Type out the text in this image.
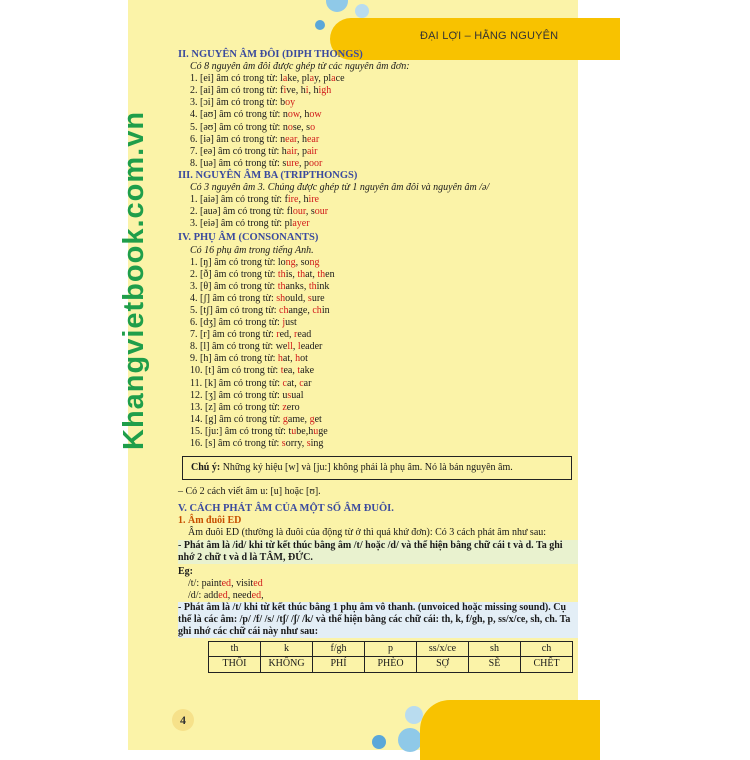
ĐẠI LỢI – HẰNG NGUYÊN
Khangvietbook.com.vn
4
II. NGUYÊN ÂM ĐÔI (DIPH THONGS)
Có 8 nguyên âm đôi được ghép từ các nguyên âm đơn:
1. [ei] âm có trong từ: lake, play, place
2. [ai] âm có trong từ: five, hi, high
3. [ɔi] âm có trong từ: boy
4. [aʊ] âm có trong từ: now, how
5. [əʊ] âm có trong từ: nose, so
6. [iə] âm có trong từ: near, hear
7. [eə] âm có trong từ: hair, pair
8. [uə] âm có trong từ: sure, poor
III. NGUYÊN ÂM BA (TRIPTHONGS)
Có 3 nguyên âm 3. Chúng được ghép từ 1 nguyên âm đôi và nguyên âm /ə/
1. [aiə] âm có trong từ: fire, hire
2. [auə] âm có trong từ: flour, sour
3. [eiə] âm có trong từ: player
IV. PHỤ ÂM (CONSONANTS)
Có 16 phụ âm trong tiếng Anh.
1. [ŋ] âm có trong từ: long, song
2. [ð] âm có trong từ: this, that, then
3. [θ] âm có trong từ: thanks, think
4. [ʃ] âm có trong từ: should, sure
5. [tʃ] âm có trong từ: change, chin
6. [dʒ] âm có trong từ: just
7. [r] âm có trong từ: red, read
8. [l] âm có trong từ: well, leader
9. [h] âm có trong từ: hat, hot
10. [t] âm có trong từ: tea, take
11. [k] âm có trong từ: cat, car
12. [ʒ] âm có trong từ: usual
13. [z] âm có trong từ: zero
14. [g] âm có trong từ: game, get
15. [ju:] âm có trong từ: tube,huge
16. [s] âm có trong từ: sorry, sing
Chú ý: Những ký hiệu [w] và [ju:] không phải là phụ âm. Nó là bán nguyên âm.
– Có 2 cách viết âm u: [u] hoặc [ʊ].
V. CÁCH PHÁT ÂM CỦA MỘT SỐ ÂM ĐUÔI.
1. Âm đuôi ED
Âm đuôi ED (thường là đuôi của động từ ở thì quá khứ đơn): Có 3 cách phát âm như sau:
- Phát âm là /id/ khi từ kết thúc bằng âm /t/ hoặc /d/ và thể hiện bằng chữ cái t và d. Ta ghi nhớ 2 chữ t và d là TÂM, ĐỨC.
Eg:
/t/: painted, visited
/d/: added, needed,
- Phát âm là /t/ khi từ kết thúc bằng 1 phụ âm vô thanh. (unvoiced hoặc missing sound). Cụ thể là các âm: /p/ /f/ /s/ /tʃ/ /ʃ/ /k/ và thể hiện bằng các chữ cái: th, k, f/gh, p, ss/x/ce, sh, ch. Ta ghi nhớ các chữ cái này như sau:
th	k	f/gh	p	ss/x/ce	sh	ch
THÔI	KHÔNG	PHÍ	PHÈO	SỢ	SẼ	CHẾT
